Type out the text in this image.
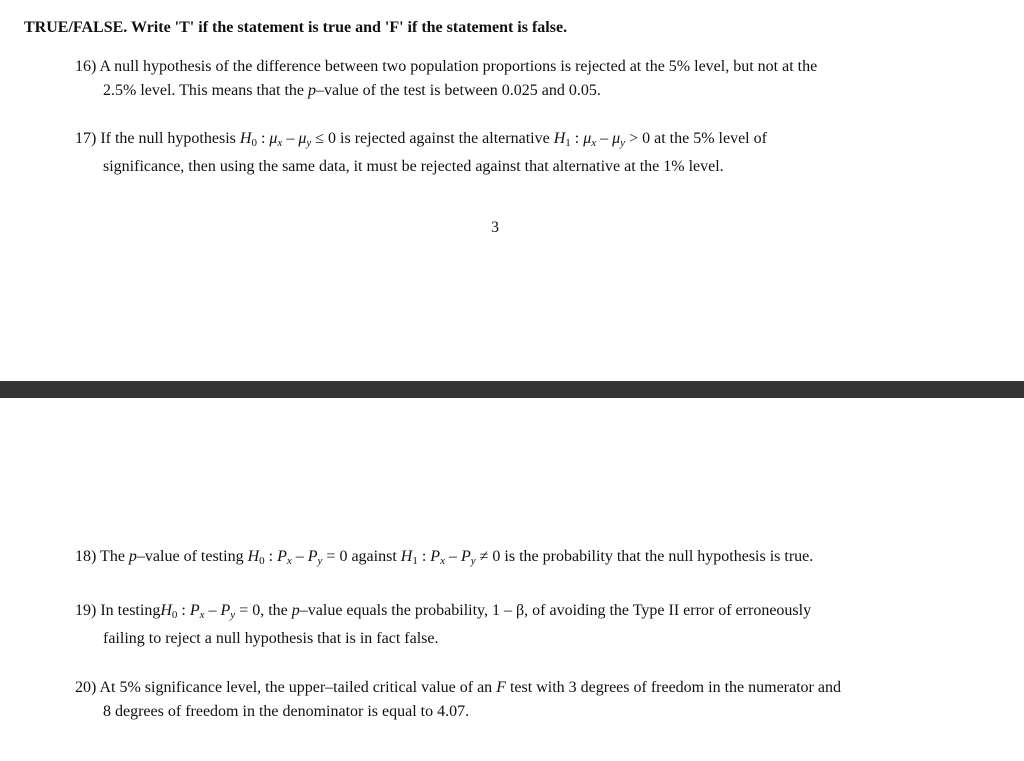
TRUE/FALSE. Write 'T' if the statement is true and 'F' if the statement is false.
16) A null hypothesis of the difference between two population proportions is rejected at the 5% level, but not at the
2.5% level. This means that the p–value of the test is between 0.025 and 0.05.
17) If the null hypothesis H0 : $\mu_x - \mu_y \le 0$ is rejected against the alternative H1 : $\mu_x - \mu_y > 0$ at the 5% level of
significance, then using the same data, it must be rejected against that alternative at the 1% level.
3
18) The p–value of testing H0 : $P_x - P_y = 0$ against H1 : $P_x - P_y \ne 0$ is the probability that the null hypothesis is true.
19) In testingH0 : $P_x - P_y = 0$, the p–value equals the probability, 1 – β, of avoiding the Type II error of erroneously
failing to reject a null hypothesis that is in fact false.
20) At 5% significance level, the upper–tailed critical value of an F test with 3 degrees of freedom in the numerator and
8 degrees of freedom in the denominator is equal to 4.07.
